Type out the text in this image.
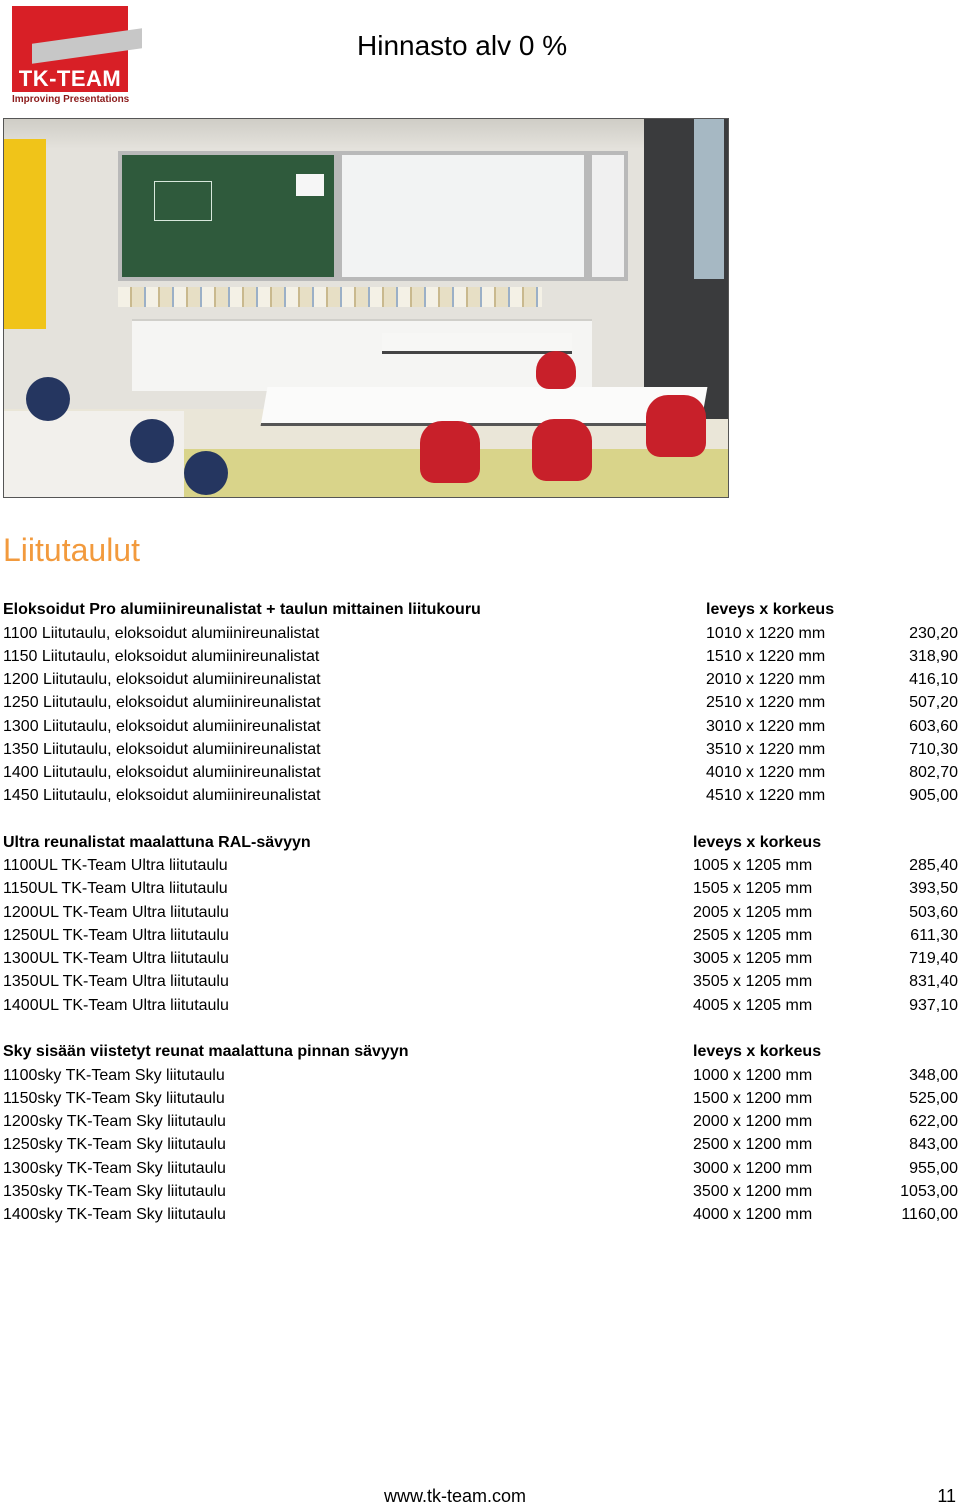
TK-TEAM
Improving Presentations
Hinnasto alv 0 %
Liitutaulut
Eloksoidut Pro alumiinireunalistat + taulun mittainen liitukouru	leveys x korkeus
1100 Liitutaulu, eloksoidut alumiinireunalistat	1010 x 1220 mm	230,20
1150 Liitutaulu, eloksoidut alumiinireunalistat	1510 x 1220 mm	318,90
1200 Liitutaulu, eloksoidut alumiinireunalistat	2010 x 1220 mm	416,10
1250 Liitutaulu, eloksoidut alumiinireunalistat	2510 x 1220 mm	507,20
1300 Liitutaulu, eloksoidut alumiinireunalistat	3010 x 1220 mm	603,60
1350 Liitutaulu, eloksoidut alumiinireunalistat	3510 x 1220 mm	710,30
1400 Liitutaulu, eloksoidut alumiinireunalistat	4010 x 1220 mm	802,70
1450 Liitutaulu, eloksoidut alumiinireunalistat	4510 x 1220 mm	905,00
Ultra reunalistat maalattuna RAL-sävyyn	leveys x korkeus
1100UL TK-Team Ultra liitutaulu	1005 x 1205 mm	285,40
1150UL TK-Team Ultra liitutaulu	1505 x 1205 mm	393,50
1200UL TK-Team Ultra liitutaulu	2005 x 1205 mm	503,60
1250UL TK-Team Ultra liitutaulu	2505 x 1205 mm	611,30
1300UL TK-Team Ultra liitutaulu	3005 x 1205 mm	719,40
1350UL TK-Team Ultra liitutaulu	3505 x 1205 mm	831,40
1400UL TK-Team Ultra liitutaulu	4005 x 1205 mm	937,10
Sky sisään viistetyt reunat maalattuna pinnan sävyyn	leveys x korkeus
1100sky TK-Team Sky liitutaulu	1000 x 1200 mm	348,00
1150sky TK-Team Sky liitutaulu	1500 x 1200 mm	525,00
1200sky TK-Team Sky liitutaulu	2000 x 1200 mm	622,00
1250sky TK-Team Sky liitutaulu	2500 x 1200 mm	843,00
1300sky TK-Team Sky liitutaulu	3000 x 1200 mm	955,00
1350sky TK-Team Sky liitutaulu	3500 x 1200 mm	1053,00
1400sky TK-Team Sky liitutaulu	4000 x 1200 mm	1160,00
www.tk-team.com	11
